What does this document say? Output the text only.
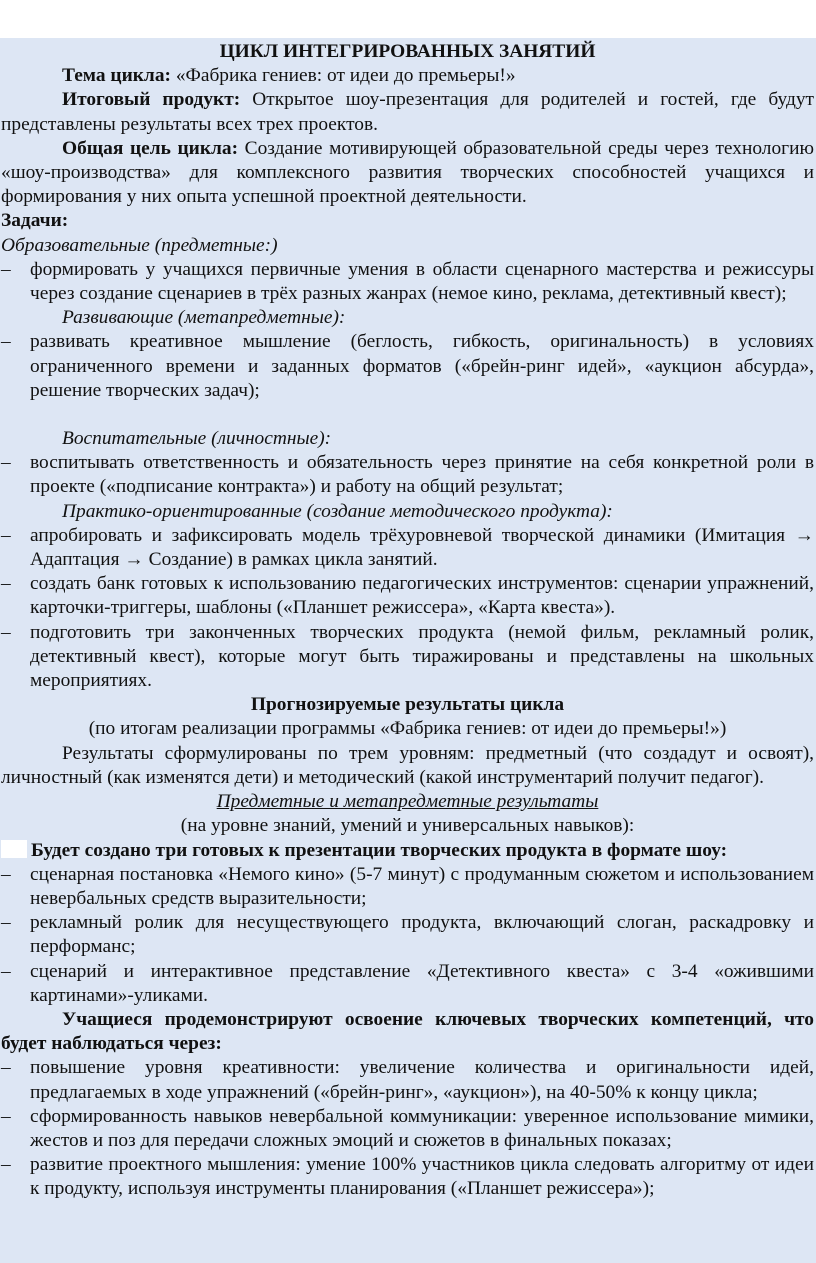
ЦИКЛ ИНТЕГРИРОВАННЫХ ЗАНЯТИЙ

Тема цикла: «Фабрика гениев: от идеи до премьеры!»

Итоговый продукт: Открытое шоу-презентация для родителей и гостей, где будут представлены результаты всех трех проектов.

Общая цель цикла: Создание мотивирующей образовательной среды через технологию «шоу-производства» для комплексного развития творческих способностей учащихся и формирования у них опыта успешной проектной деятельности.

Задачи:

Образовательные (предметные:)

– формировать у учащихся первичные умения в области сценарного мастерства и режиссуры через создание сценариев в трёх разных жанрах (немое кино, реклама, детективный квест);

Развивающие (метапредметные):

– развивать креативное мышление (беглость, гибкость, оригинальность) в условиях ограниченного времени и заданных форматов («брейн-ринг идей», «аукцион абсурда», решение творческих задач);

Воспитательные (личностные):

– воспитывать ответственность и обязательность через принятие на себя конкретной роли в проекте («подписание контракта») и работу на общий результат;

Практико-ориентированные (создание методического продукта):

– апробировать и зафиксировать модель трёхуровневой творческой динамики (Имитация → Адаптация → Создание) в рамках цикла занятий.

– создать банк готовых к использованию педагогических инструментов: сценарии упражнений, карточки-триггеры, шаблоны («Планшет режиссера», «Карта квеста»).

– подготовить три законченных творческих продукта (немой фильм, рекламный ролик, детективный квест), которые могут быть тиражированы и представлены на школьных мероприятиях.

Прогнозируемые результаты цикла

(по итогам реализации программы «Фабрика гениев: от идеи до премьеры!»)

Результаты сформулированы по трем уровням: предметный (что создадут и освоят), личностный (как изменятся дети) и методический (какой инструментарий получит педагог).

Предметные и метапредметные результаты

(на уровне знаний, умений и универсальных навыков):

Будет создано три готовых к презентации творческих продукта в формате шоу:

– сценарная постановка «Немого кино» (5-7 минут) с продуманным сюжетом и использованием невербальных средств выразительности;

– рекламный ролик для несуществующего продукта, включающий слоган, раскадровку и перформанс;

– сценарий и интерактивное представление «Детективного квеста» с 3-4 «ожившими картинами»-уликами.

Учащиеся продемонстрируют освоение ключевых творческих компетенций, что будет наблюдаться через:

– повышение уровня креативности: увеличение количества и оригинальности идей, предлагаемых в ходе упражнений («брейн-ринг», «аукцион»), на 40-50% к концу цикла;

– сформированность навыков невербальной коммуникации: уверенное использование мимики, жестов и поз для передачи сложных эмоций и сюжетов в финальных показах;

– развитие проектного мышления: умение 100% участников цикла следовать алгоритму от идеи к продукту, используя инструменты планирования («Планшет режиссера»);
